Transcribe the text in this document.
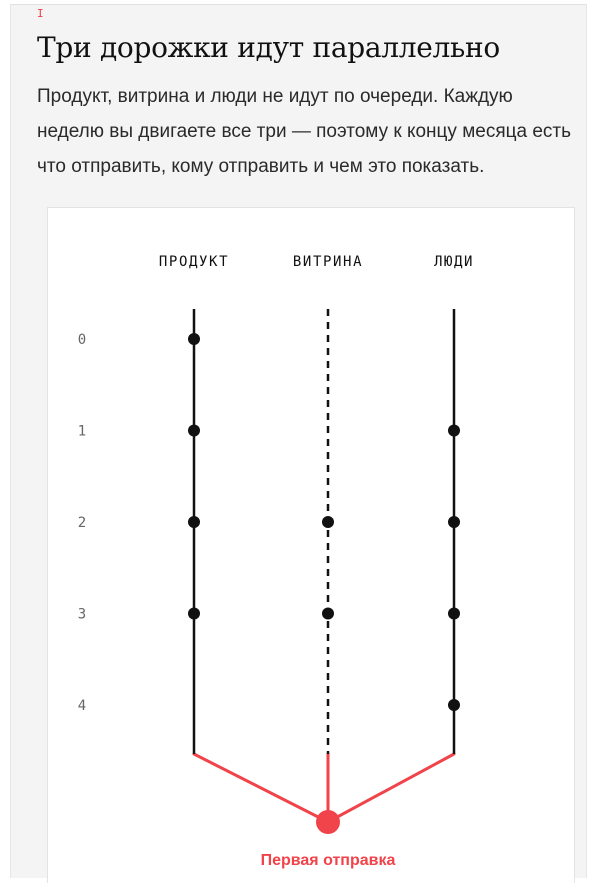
I
Три дорожки идут параллельно

Продукт, витрина и люди не идут по очереди. Каждую неделю вы двигаете все три — поэтому к концу месяца есть что отправить, кому отправить и чем это показать.

0
1
2
3
4
ПРОДУКТ	ВИТРИНА	ЛЮДИ
Первая отправка
